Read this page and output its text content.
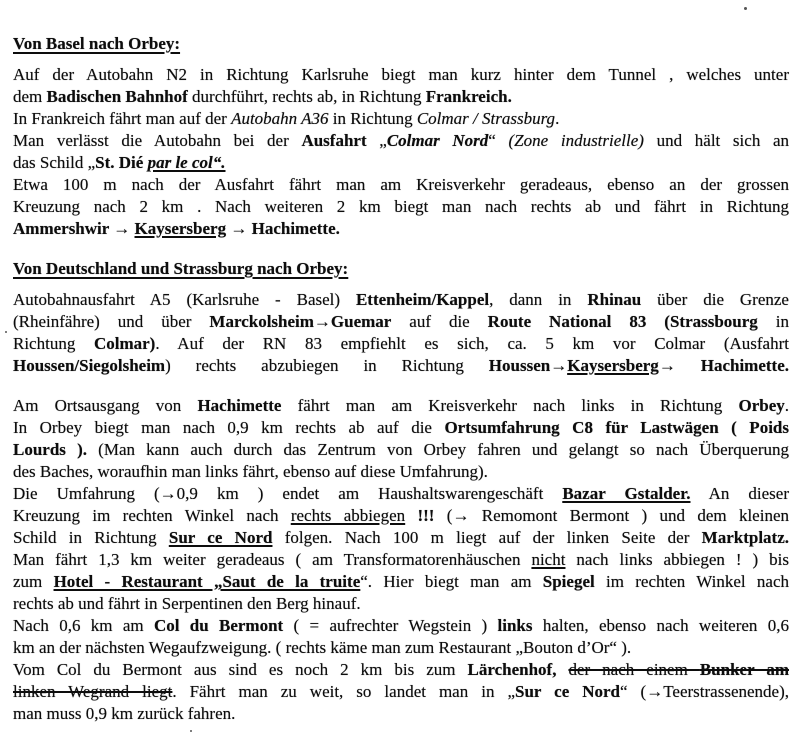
Von Basel nach Orbey:
Auf der Autobahn N2 in Richtung Karlsruhe biegt man kurz hinter dem Tunnel , welches unter
dem Badischen Bahnhof durchführt, rechts ab, in Richtung Frankreich.
In Frankreich fährt man auf der Autobahn A36 in Richtung Colmar / Strassburg.
Man verlässt die Autobahn bei der Ausfahrt „Colmar Nord“ (Zone industrielle) und hält sich an
das Schild „St. Dié par le col“.
Etwa 100 m nach der Ausfahrt fährt man am Kreisverkehr geradeaus, ebenso an der grossen
Kreuzung nach 2 km . Nach weiteren 2 km biegt man nach rechts ab und fährt in Richtung
Ammershwir → Kaysersberg → Hachimette.
Von Deutschland und Strassburg nach Orbey:
Autobahnausfahrt A5 (Karlsruhe - Basel) Ettenheim/Kappel, dann in Rhinau über die Grenze
(Rheinfähre) und über Marckolsheim→Guemar auf die Route National 83 (Strassbourg in
Richtung Colmar). Auf der RN 83 empfiehlt es sich, ca. 5 km vor Colmar (Ausfahrt
Houssen/Siegolsheim) rechts abzubiegen in Richtung Houssen→Kaysersberg→ Hachimette.
Am Ortsausgang von Hachimette fährt man am Kreisverkehr nach links in Richtung Orbey.
In Orbey biegt man nach 0,9 km rechts ab auf die Ortsumfahrung C8 für Lastwägen ( Poids
Lourds ). (Man kann auch durch das Zentrum von Orbey fahren und gelangt so nach Überquerung
des Baches, woraufhin man links fährt, ebenso auf diese Umfahrung).
Die Umfahrung (→0,9 km ) endet am Haushaltswarengeschäft Bazar Gstalder. An dieser
Kreuzung im rechten Winkel nach rechts abbiegen !!! (→ Remomont Bermont ) und dem kleinen
Schild in Richtung Sur ce Nord folgen. Nach 100 m liegt auf der linken Seite der Marktplatz.
Man fährt 1,3 km weiter geradeaus ( am Transformatorenhäuschen nicht nach links abbiegen ! ) bis
zum Hotel - Restaurant „Saut de la truite“. Hier biegt man am Spiegel im rechten Winkel nach
rechts ab und fährt in Serpentinen den Berg hinauf.
Nach 0,6 km am Col du Bermont ( = aufrechter Wegstein ) links halten, ebenso nach weiteren 0,6
km an der nächsten Wegaufzweigung. ( rechts käme man zum Restaurant „Bouton d’Or“ ).
Vom Col du Bermont aus sind es noch 2 km bis zum Lärchenhof, der nach einem Bunker am
linken Wegrand liegt. Fährt man zu weit, so landet man in „Sur ce Nord“ (→Teerstrassenende),
man muss 0,9 km zurück fahren.
